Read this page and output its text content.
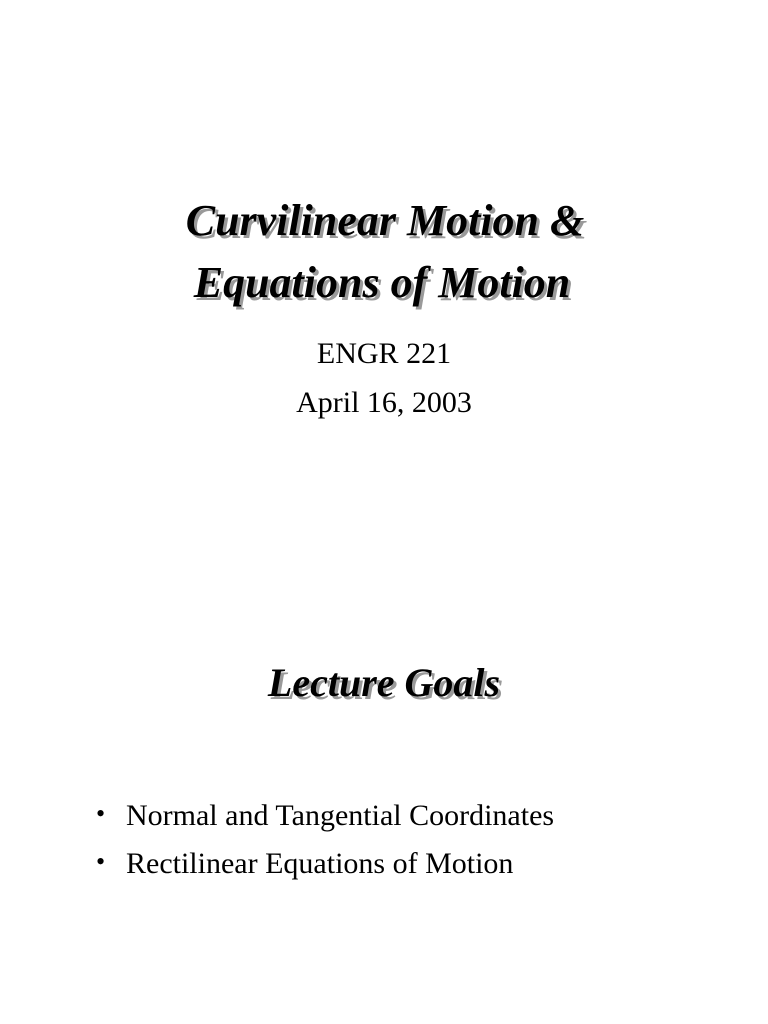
Curvilinear Motion &
Equations of Motion
ENGR 221
April 16, 2003
Lecture Goals
• Normal and Tangential Coordinates
• Rectilinear Equations of Motion
